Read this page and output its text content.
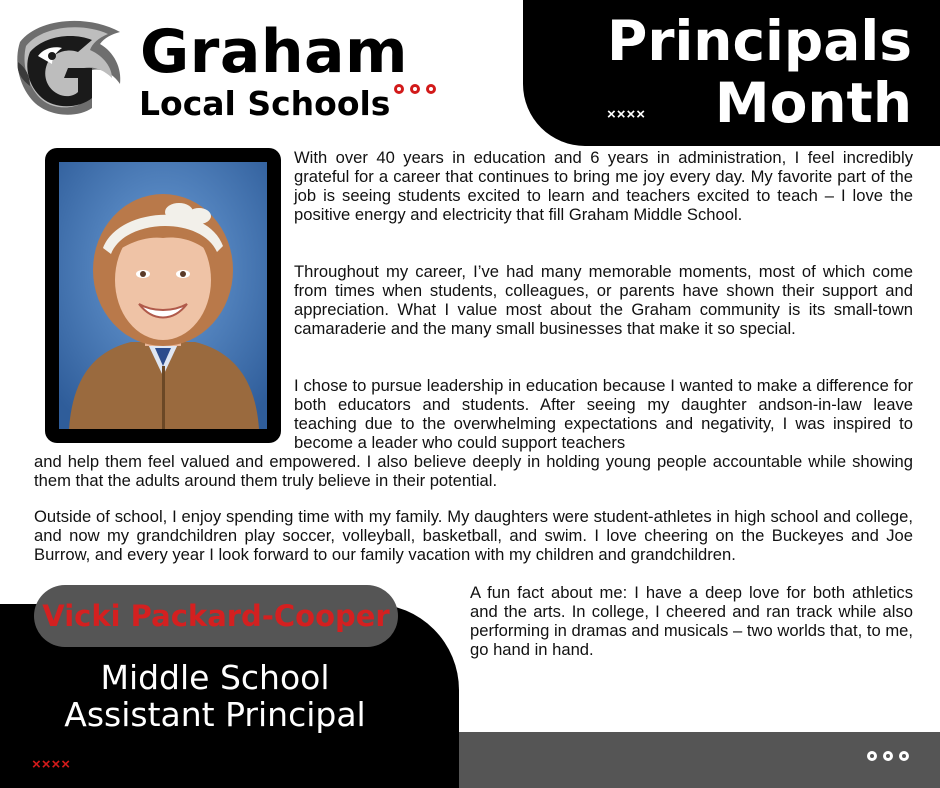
Graham
Local Schools
Principals
Month
××××
With over 40 years in education and 6 years in administration, I feel incredibly grateful for a career that continues to bring me joy every day. My favorite part of the job is seeing students excited to learn and teachers excited to teach – I love the positive energy and electricity that fill Graham Middle School.
Throughout my career, I’ve had many memorable moments, most of which come from times when students, colleagues, or parents have shown their support and appreciation. What I value most about the Graham community is its small-town camaraderie and the many small businesses that make it so special.
I chose to pursue leadership in education because I wanted to make a difference for both educators and students. After seeing my daughter andson-in-law leave teaching due to the overwhelming expectations and negativity, I was inspired to become a leader who could support teachers
and help them feel valued and empowered. I also believe deeply in holding young people accountable while showing them that the adults around them truly believe in their potential.
Outside of school, I enjoy spending time with my family. My daughters were student-athletes in high school and college, and now my grandchildren play soccer, volleyball, basketball, and swim. I love cheering on the Buckeyes and Joe Burrow, and every year I look forward to our family vacation with my children and grandchildren.
A fun fact about me: I have a deep love for both athletics and the arts. In college, I cheered and ran track while also performing in dramas and musicals – two worlds that, to me, go hand in hand.
Vicki Packard-Cooper
Middle School
Assistant Principal
××××
